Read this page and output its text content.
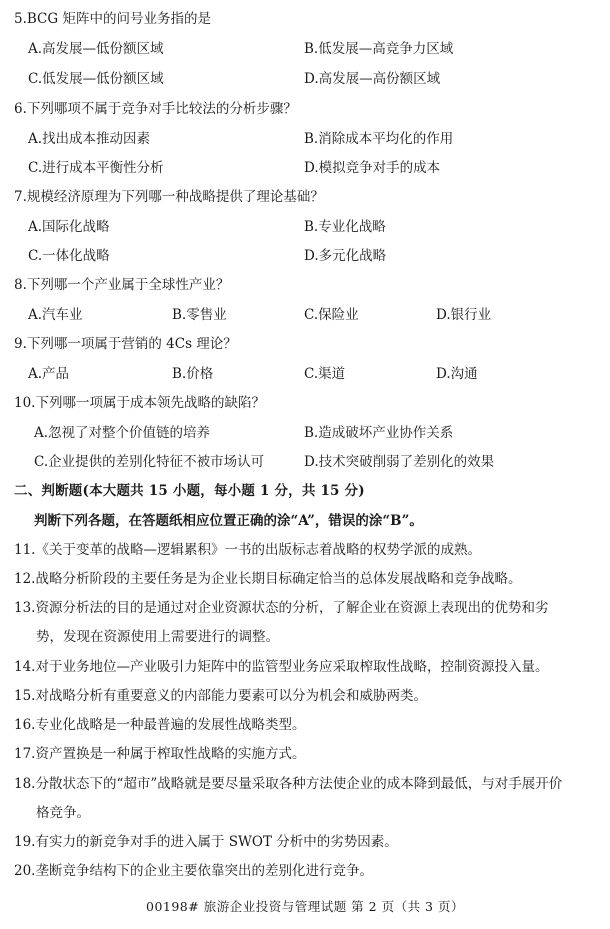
5.BCG 矩阵中的问号业务指的是
A.高发展—低份额区域	B.低发展—高竞争力区域
C.低发展—低份额区域	D.高发展—高份额区域
6.下列哪项不属于竞争对手比较法的分析步骤？
A.找出成本推动因素	B.消除成本平均化的作用
C.进行成本平衡性分析	D.模拟竞争对手的成本
7.规模经济原理为下列哪一种战略提供了理论基础？
A.国际化战略	B.专业化战略
C.一体化战略	D.多元化战略
8.下列哪一个产业属于全球性产业？
A.汽车业	B.零售业	C.保险业	D.银行业
9.下列哪一项属于营销的 4Cs 理论？
A.产品	B.价格	C.渠道	D.沟通
10.下列哪一项属于成本领先战略的缺陷？
A.忽视了对整个价值链的培养	B.造成破坏产业协作关系
C.企业提供的差别化特征不被市场认可	D.技术突破削弱了差别化的效果
二、判断题(本大题共 15 小题，每小题 1 分，共 15 分)
判断下列各题，在答题纸相应位置正确的涂“A”，错误的涂“B”。
11.《关于变革的战略—逻辑累积》一书的出版标志着战略的权势学派的成熟。
12.战略分析阶段的主要任务是为企业长期目标确定恰当的总体发展战略和竞争战略。
13.资源分析法的目的是通过对企业资源状态的分析，了解企业在资源上表现出的优势和劣
势，发现在资源使用上需要进行的调整。
14.对于业务地位—产业吸引力矩阵中的监管型业务应采取榨取性战略，控制资源投入量。
15.对战略分析有重要意义的内部能力要素可以分为机会和威胁两类。
16.专业化战略是一种最普遍的发展性战略类型。
17.资产置换是一种属于榨取性战略的实施方式。
18.分散状态下的“超市”战略就是要尽量采取各种方法使企业的成本降到最低，与对手展开价
格竞争。
19.有实力的新竞争对手的进入属于 SWOT 分析中的劣势因素。
20.垄断竞争结构下的企业主要依靠突出的差别化进行竞争。
00198# 旅游企业投资与管理试题 第 2 页（共 3 页）
